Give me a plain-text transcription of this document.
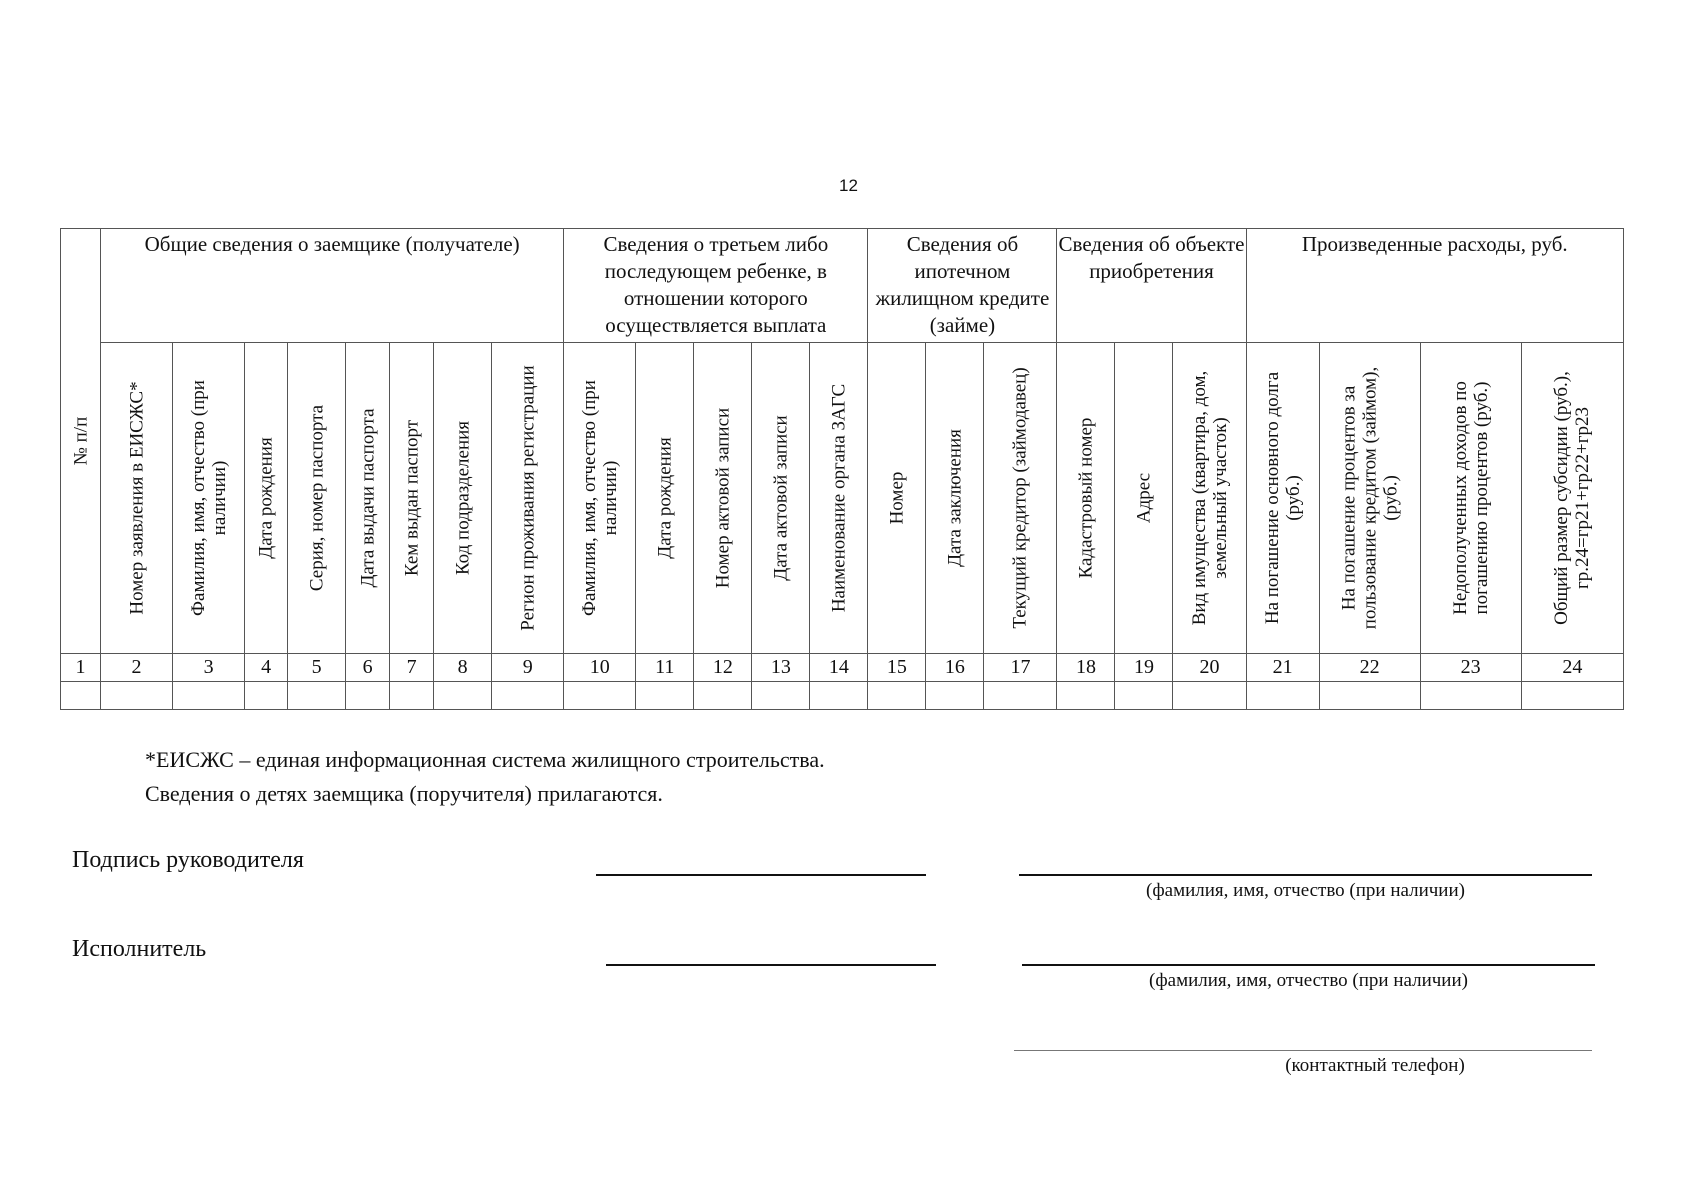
12
№ п/п	Общие сведения о заемщике (получателе)								Сведения о третьем либо последующем ребенке, в отношении которого осуществляется выплата					Сведения об ипотечном жилищном кредите (займе)			Сведения об объекте приобретения			Произведенные расходы, руб.			

	Номер заявления в ЕИСЖС*	Фамилия, имя, отчество (при наличии)	Дата рождения	Серия, номер паспорта	Дата выдачи паспорта	Кем выдан паспорт	Код подразделения	Регион проживания регистрации	Фамилия, имя, отчество (при наличии)	Дата рождения	Номер актовой записи	Дата актовой записи	Наименование органа ЗАГС	Номер	Дата заключения	Текущий кредитор (займодавец)	Кадастровый номер	Адрес	Вид имущества (квартира, дом, земельный участок)	На погашение основного долга (руб.)	На погашение процентов за пользование кредитом (займом), (руб.)	Недополученных доходов по погашению процентов (руб.)	Общий размер субсидии (руб.), гр.24=гр21+гр22+гр23

1	2	3	4	5	6	7	8	9	10	11	12	13	14	15	16	17	18	19	20	21	22	23	24

*ЕИСЖС – единая информационная система жилищного строительства.
Сведения о детях заемщика (поручителя) прилагаются.
Подпись руководителя
(фамилия, имя, отчество (при наличии)
Исполнитель
(фамилия, имя, отчество (при наличии)
(контактный телефон)
